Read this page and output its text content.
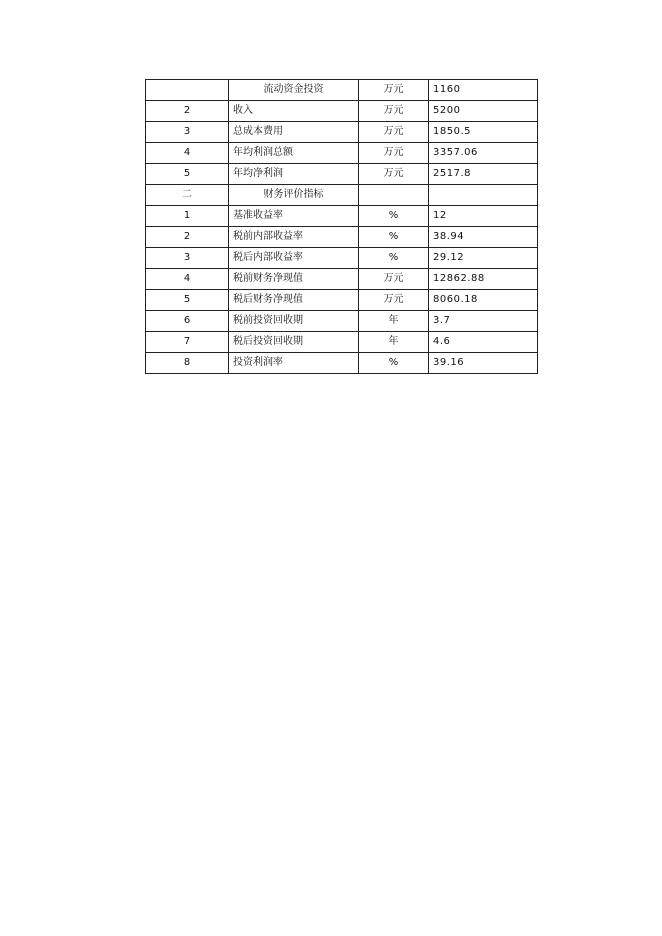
	流动资金投资	万元	1160
2	收入	万元	5200
3	总成本费用	万元	1850.5
4	年均利润总额	万元	3357.06
5	年均净利润	万元	2517.8
二	财务评价指标		
1	基准收益率	%	12
2	税前内部收益率	%	38.94
3	税后内部收益率	%	29.12
4	税前财务净现值	万元	12862.88
5	税后财务净现值	万元	8060.18
6	税前投资回收期	年	3.7
7	税后投资回收期	年	4.6
8	投资利润率	%	39.16
